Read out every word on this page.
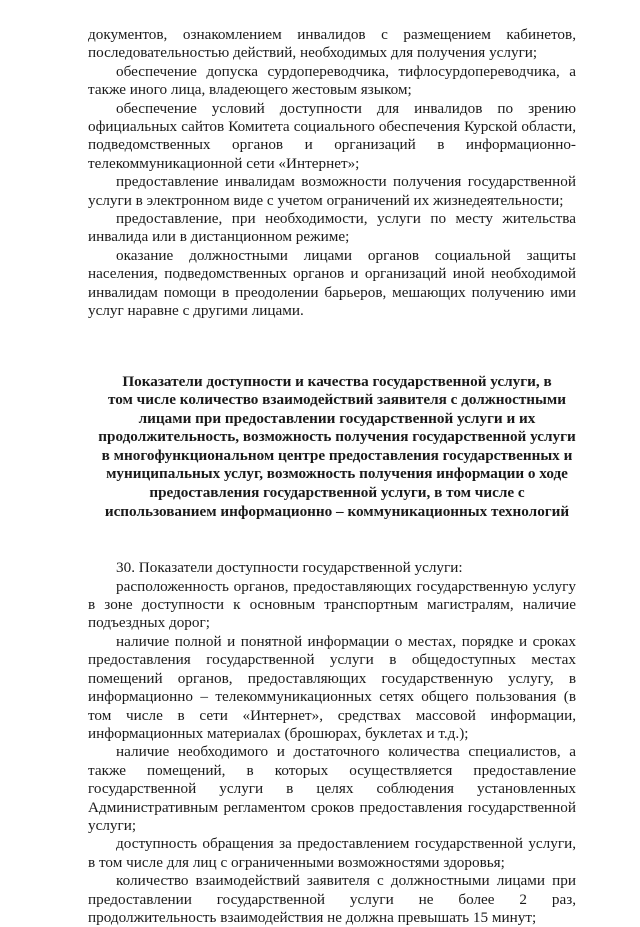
документов, ознакомлением инвалидов с размещением кабинетов, последовательностью действий, необходимых для получения услуги;

обеспечение допуска сурдопереводчика, тифлосурдопереводчика, а также иного лица, владеющего жестовым языком;

обеспечение условий доступности для инвалидов по зрению официальных сайтов Комитета социального обеспечения Курской области, подведомственных органов и организаций в информационно-телекоммуникационной сети «Интернет»;

предоставление инвалидам возможности получения государственной услуги в электронном виде с учетом ограничений их жизнедеятельности;

предоставление, при необходимости, услуги по месту жительства инвалида или в дистанционном режиме;

оказание должностными лицами органов социальной защиты населения, подведомственных органов и организаций иной необходимой инвалидам помощи в преодолении барьеров, мешающих получению ими услуг наравне с другими лицами.

Показатели доступности и качества государственной услуги, в
том числе количество взаимодействий заявителя с должностными
лицами при предоставлении государственной услуги и их
продолжительность, возможность получения государственной услуги
в многофункциональном центре предоставления государственных и
муниципальных услуг, возможность получения информации о ходе
предоставления государственной услуги, в том числе с
использованием информационно – коммуникационных технологий

30. Показатели доступности государственной услуги:

расположенность органов, предоставляющих государственную услугу в зоне доступности к основным транспортным магистралям, наличие подъездных дорог;

наличие полной и понятной информации о местах, порядке и сроках предоставления государственной услуги в общедоступных местах помещений органов, предоставляющих государственную услугу, в информационно – телекоммуникационных сетях общего пользования (в том числе в сети «Интернет», средствах массовой информации, информационных материалах (брошюрах, буклетах и т.д.);

наличие необходимого и достаточного количества специалистов, а также помещений, в которых осуществляется предоставление государственной услуги в целях соблюдения установленных Административным регламентом сроков предоставления государственной услуги;

доступность обращения за предоставлением государственной услуги, в том числе для лиц с ограниченными возможностями здоровья;

количество взаимодействий заявителя с должностными лицами при предоставлении государственной услуги не более 2 раз, продолжительность взаимодействия не должна превышать 15 минут;
